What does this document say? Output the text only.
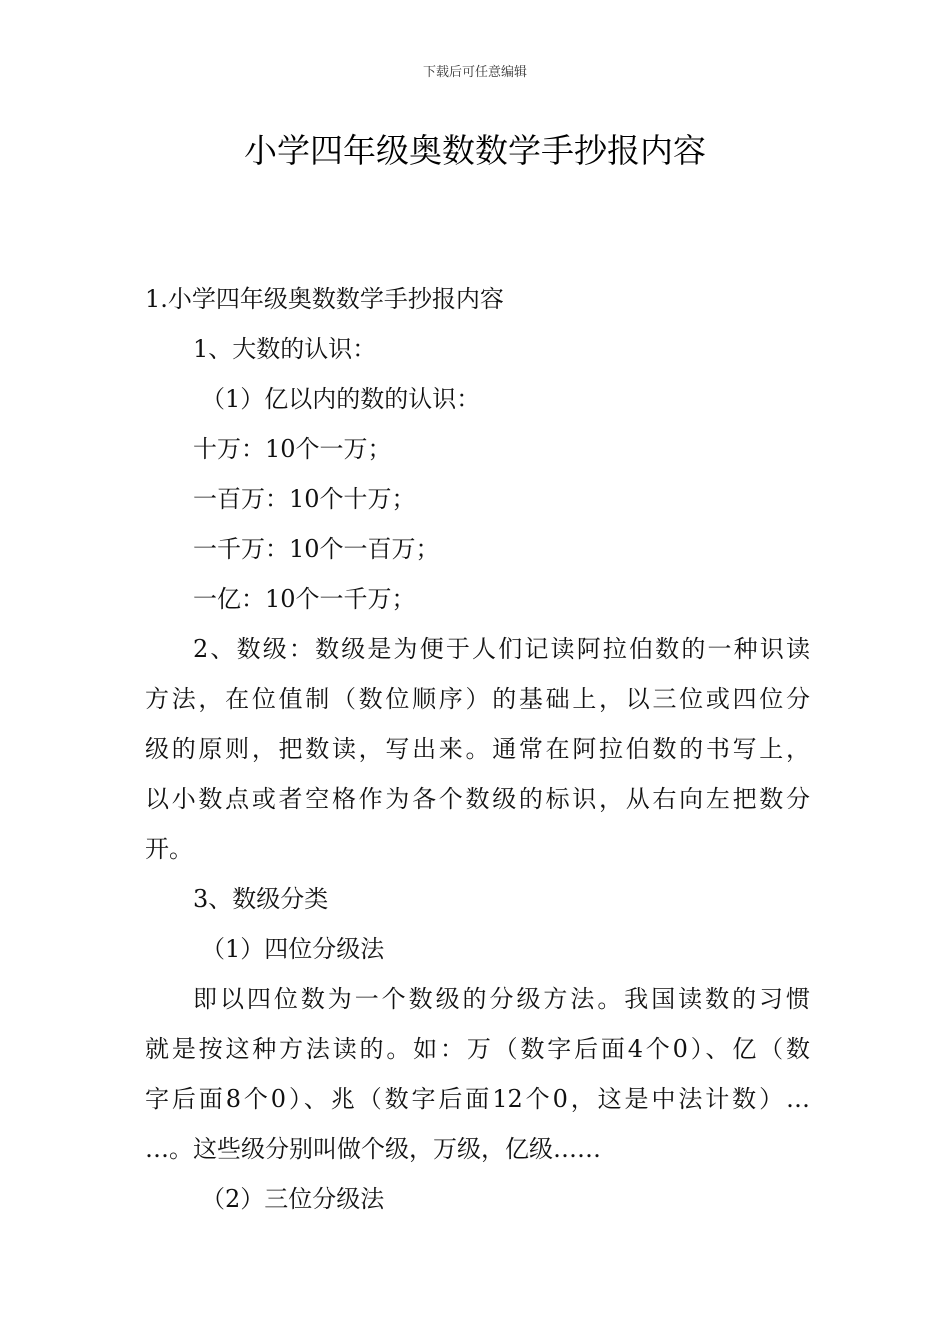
下载后可任意编辑
小学四年级奥数数学手抄报内容
1.小学四年级奥数数学手抄报内容
1、大数的认识：
（1）亿以内的数的认识：
十万：10个一万；
一百万：10个十万；
一千万：10个一百万；
一亿：10个一千万；
2、数级：数级是为便于人们记读阿拉伯数的一种识读
方法，在位值制（数位顺序）的基础上，以三位或四位分
级的原则，把数读，写出来。通常在阿拉伯数的书写上，
以小数点或者空格作为各个数级的标识，从右向左把数分
开。
3、数级分类
（1）四位分级法
即以四位数为一个数级的分级方法。我国读数的习惯
就是按这种方法读的。如：万（数字后面4个0）、亿（数
字后面8个0）、兆（数字后面12个0，这是中法计数）…
…。这些级分别叫做个级，万级，亿级……
（2）三位分级法
